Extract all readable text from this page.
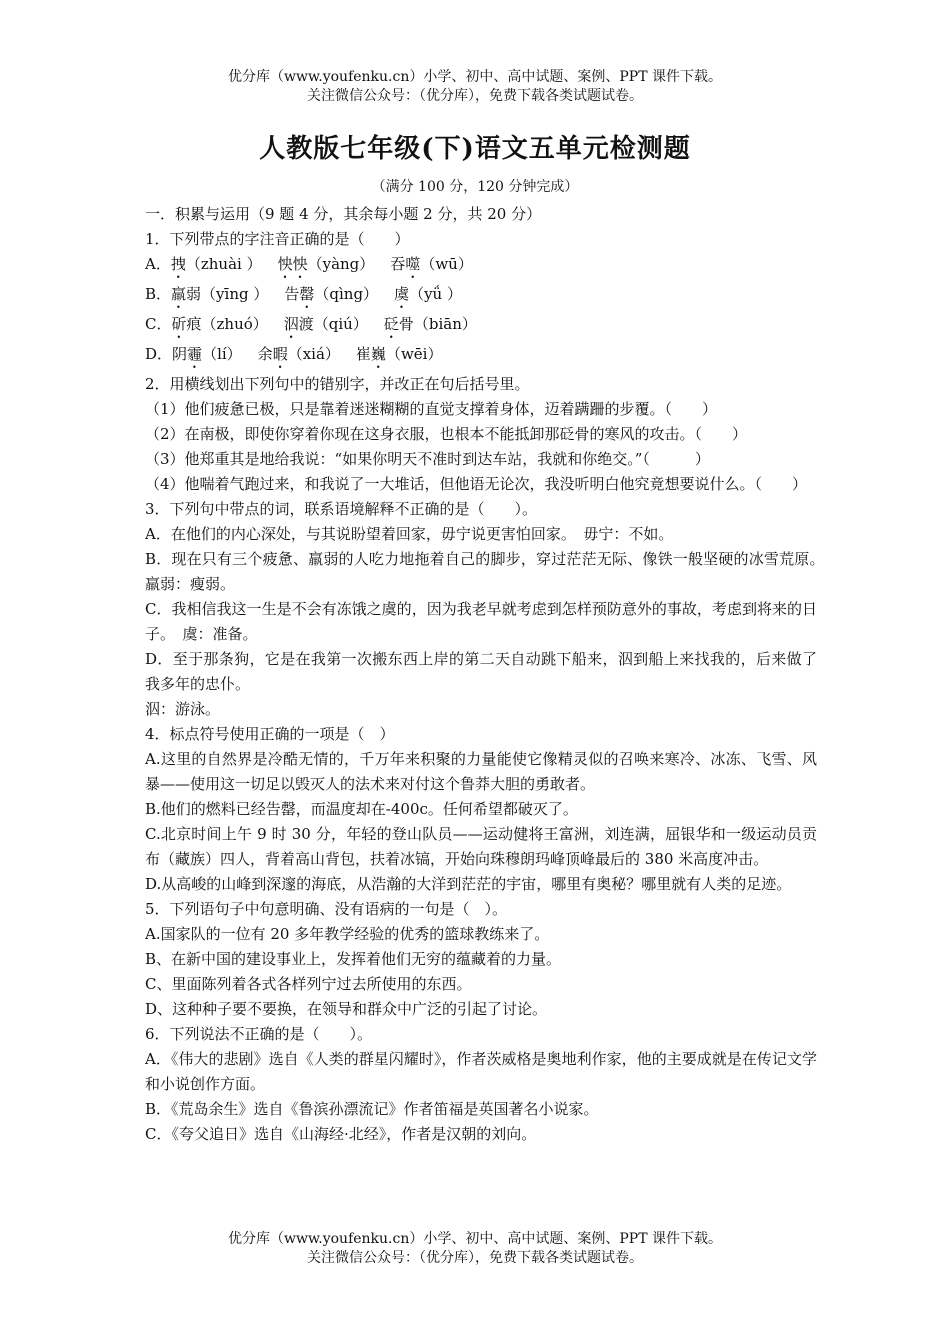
优分库（www.youfenku.cn）小学、初中、高中试题、案例、PPT 课件下载。
关注微信公众号：（优分库），免费下载各类试题试卷。
人教版七年级(下)语文五单元检测题
（满分 100 分，120 分钟完成）
一．积累与运用（9 题 4 分，其余每小题 2 分，共 20 分）
1．下列带点的字注音正确的是（　　）
A．拽（zhuài ） 怏怏（yàng） 吞噬（wū）
B．羸弱（yīng ） 告罄（qìng） 虞（yǘ ）
C．斫痕（zhuó） 泅渡（qiú） 砭骨（biān）
D．阴霾（lí） 余暇（xiá） 崔巍（wēi）
2．用横线划出下列句中的错别字，并改正在句后括号里。
（1）他们疲惫已极，只是靠着迷迷糊糊的直觉支撑着身体，迈着蹒跚的步覆。（　　）
（2）在南极，即使你穿着你现在这身衣服，也根本不能抵卸那砭骨的寒风的攻击。（　　）
（3）他郑重其是地给我说：“如果你明天不准时到达车站，我就和你绝交。”（　　　）
（4）他喘着气跑过来，和我说了一大堆话，但他语无论次，我没听明白他究竟想要说什么。（　　）
3．下列句中带点的词，联系语境解释不正确的是（　　）。
A．在他们的内心深处，与其说盼望着回家，毋宁说更害怕回家。　毋宁：不如。
B．现在只有三个疲惫、羸弱的人吃力地拖着自己的脚步，穿过茫茫无际、像铁一般坚硬的冰雪荒原。　羸弱：瘦弱。
C．我相信我这一生是不会有冻饿之虞的，因为我老早就考虑到怎样预防意外的事故，考虑到将来的日子。　虞：准备。
D．至于那条狗，它是在我第一次搬东西上岸的第二天自动跳下船来，泅到船上来找我的，后来做了我多年的忠仆。
泅：游泳。
4．标点符号使用正确的一项是（　）
A.这里的自然界是冷酷无情的，千万年来积聚的力量能使它像精灵似的召唤来寒冷、冰冻、飞雪、风暴——使用这一切足以毁灭人的法术来对付这个鲁莽大胆的勇敢者。
B.他们的燃料已经告罄，而温度却在-400c。任何希望都破灭了。
C.北京时间上午 9 时 30 分，年轻的登山队员——运动健将王富洲，刘连满，屈银华和一级运动员贡布（藏族）四人，背着高山背包，扶着冰镐，开始向珠穆朗玛峰顶峰最后的 380 米高度冲击。
D.从高峻的山峰到深邃的海底，从浩瀚的大洋到茫茫的宇宙，哪里有奥秘？哪里就有人类的足迹。
5．下列语句子中句意明确、没有语病的一句是（　）。
A.国家队的一位有 20 多年教学经验的优秀的篮球教练来了。
B、在新中国的建设事业上，发挥着他们无穷的蕴藏着的力量。
C、里面陈列着各式各样列宁过去所使用的东西。
D、这种种子要不要换，在领导和群众中广泛的引起了讨论。
6．下列说法不正确的是（　　）。
A．《伟大的悲剧》选自《人类的群星闪耀时》，作者茨威格是奥地利作家，他的主要成就是在传记文学和小说创作方面。
B．《荒岛余生》选自《鲁滨孙漂流记》作者笛福是英国著名小说家。
C．《夸父追日》选自《山海经·北经》，作者是汉朝的刘向。
优分库（www.youfenku.cn）小学、初中、高中试题、案例、PPT 课件下载。
关注微信公众号：（优分库），免费下载各类试题试卷。
